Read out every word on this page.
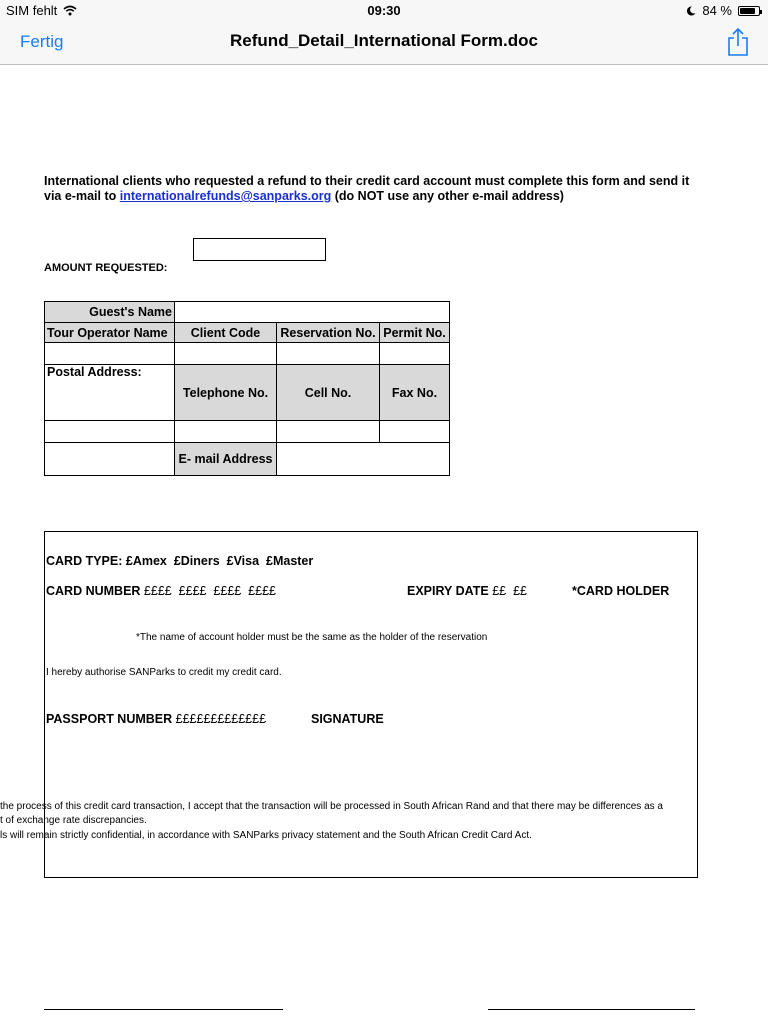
SIM fehlt	09:30	84 %
Fertig	Refund_Detail_International Form.doc
International clients who requested a refund to their credit card account must complete this form and send it
via e-mail to internationalrefunds@sanparks.org (do NOT use any other e-mail address)
AMOUNT REQUESTED:
Guest's Name			
Tour Operator Name	Client Code	Reservation No.	Permit No.

Postal Address:	Telephone No.	Cell No.	Fax No.

	E- mail Address		
CARD TYPE: £Amex  £Diners  £Visa  £Master
CARD NUMBER ££££  ££££  ££££  ££££	EXPIRY DATE ££  ££	*CARD HOLDER
*The name of account holder must be the same as the holder of the reservation
I hereby authorise SANParks to credit my credit card.
PASSPORT NUMBER £££££££££££££	SIGNATURE
the process of this credit card transaction, I accept that the transaction will be processed in South African Rand and that there may be differences as a
t of exchange rate discrepancies.
ls will remain strictly confidential, in accordance with SANParks privacy statement and the South African Credit Card Act.
